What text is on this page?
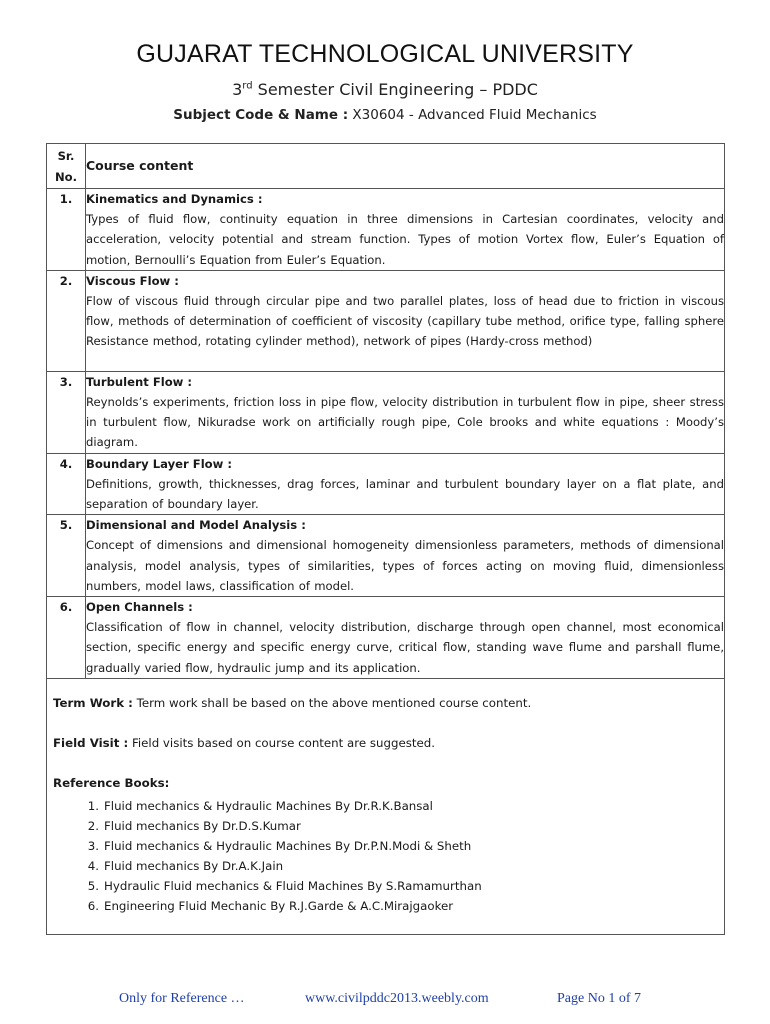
GUJARAT TECHNOLOGICAL UNIVERSITY
3rd Semester Civil Engineering – PDDC
Subject Code & Name : X30604 - Advanced Fluid Mechanics
Sr. No.	Course content
1.	Kinematics and Dynamics :
Types of fluid flow, continuity equation in three dimensions in Cartesian coordinates, velocity and acceleration, velocity potential and stream function. Types of motion Vortex flow, Euler’s Equation of motion, Bernoulli’s Equation from Euler’s Equation.

2.	Viscous Flow :
Flow of viscous fluid through circular pipe and two parallel plates, loss of head due to friction in viscous flow, methods of determination of coefficient of viscosity (capillary tube method, orifice type, falling sphere Resistance method, rotating cylinder method), network of pipes (Hardy-cross method)

3.	Turbulent Flow :
Reynolds’s experiments, friction loss in pipe flow, velocity distribution in turbulent flow in pipe, sheer stress in turbulent flow, Nikuradse work on artificially rough pipe, Cole brooks and white equations : Moody’s diagram.

4.	Boundary Layer Flow :
Definitions, growth, thicknesses, drag forces, laminar and turbulent boundary layer on a flat plate, and separation of boundary layer.

5.	Dimensional and Model Analysis :
Concept of dimensions and dimensional homogeneity dimensionless parameters, methods of dimensional analysis, model analysis, types of similarities, types of forces acting on moving fluid, dimensionless numbers, model laws, classification of model.

6.	Open Channels :
Classification of flow in channel, velocity distribution, discharge through open channel, most economical section, specific energy and specific energy curve, critical flow, standing wave flume and parshall flume, gradually varied flow, hydraulic jump and its application.
Term Work : Term work shall be based on the above mentioned course content.
Field Visit : Field visits based on course content are suggested.
Reference Books:
1. Fluid mechanics & Hydraulic Machines By Dr.R.K.Bansal
2. Fluid mechanics By Dr.D.S.Kumar
3. Fluid mechanics & Hydraulic Machines By Dr.P.N.Modi & Sheth
4. Fluid mechanics By Dr.A.K.Jain
5. Hydraulic Fluid mechanics & Fluid Machines By S.Ramamurthan
6. Engineering Fluid Mechanic By R.J.Garde & A.C.Mirajgaoker
Only for Reference …	www.civilpddc2013.weebly.com	Page No 1 of 7
